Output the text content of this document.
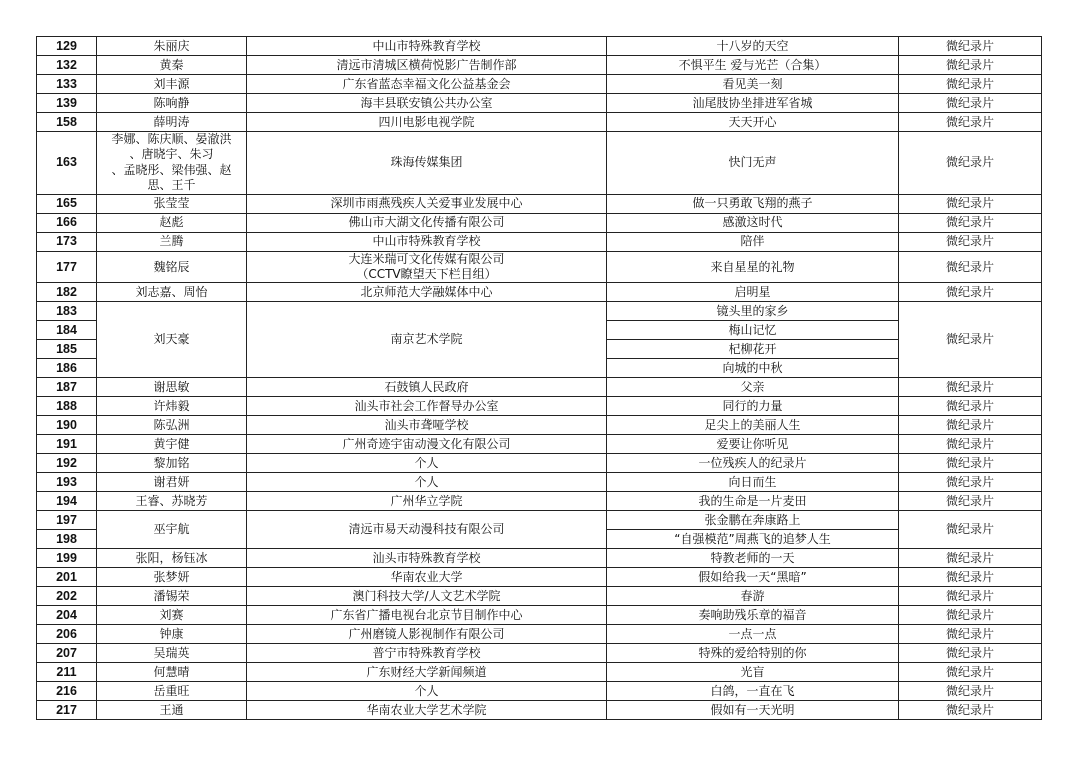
129	朱丽庆	中山市特殊教育学校	十八岁的天空	微纪录片
132	黄秦	清远市清城区横荷悦影广告制作部	不惧平生 爱与光芒（合集）	微纪录片
133	刘丰源	广东省蓝态幸福文化公益基金会	看见美一刻	微纪录片
139	陈响静	海丰县联安镇公共办公室	汕尾肢协坐排进军省城	微纪录片
158	薛明涛	四川电影电视学院	天天开心	微纪录片
163	李娜、陈庆顺、晏澈洪
、唐晓宇、朱习
、孟晓彤、梁伟强、赵
思、王千	珠海传媒集团	快门无声	微纪录片
165	张莹莹	深圳市雨燕残疾人关爱事业发展中心	做一只勇敢飞翔的燕子	微纪录片
166	赵彪	佛山市大湖文化传播有限公司	感激这时代	微纪录片
173	兰腾	中山市特殊教育学校	陪伴	微纪录片
177	魏铭辰	大连米瑞可文化传媒有限公司
（CCTV瞭望天下栏目组）	来自星星的礼物	微纪录片
182	刘志嘉、周怡	北京师范大学融媒体中心	启明星	微纪录片
183	刘天豪	南京艺术学院	镜头里的家乡	微纪录片
184			梅山记忆	
185			杞柳花开	
186			向城的中秋	
187	谢思敏	石鼓镇人民政府	父亲	微纪录片
188	许炜毅	汕头市社会工作督导办公室	同行的力量	微纪录片
190	陈弘洲	汕头市聋哑学校	足尖上的美丽人生	微纪录片
191	黄宇健	广州奇迹宇宙动漫文化有限公司	爱要让你听见	微纪录片
192	黎加铭	个人	一位残疾人的纪录片	微纪录片
193	谢君妍	个人	向日而生	微纪录片
194	王睿、苏晓芳	广州华立学院	我的生命是一片麦田	微纪录片
197	巫宇航	清远市易天动漫科技有限公司	张金鹏在奔康路上	微纪录片
198			“自强模范”周燕飞的追梦人生	
199	张阳，杨钰冰	汕头市特殊教育学校	特教老师的一天	微纪录片
201	张梦妍	华南农业大学	假如给我一天“黑暗”	微纪录片
202	潘锡荣	澳门科技大学/人文艺术学院	春游	微纪录片
204	刘赛	广东省广播电视台北京节目制作中心	奏响助残乐章的福音	微纪录片
206	钟康	广州磨镜人影视制作有限公司	一点一点	微纪录片
207	吴瑞英	普宁市特殊教育学校	特殊的爱给特别的你	微纪录片
211	何慧晴	广东财经大学新闻频道	光盲	微纪录片
216	岳重旺	个人	白鸽，一直在飞	微纪录片
217	王通	华南农业大学艺术学院	假如有一天光明	微纪录片
